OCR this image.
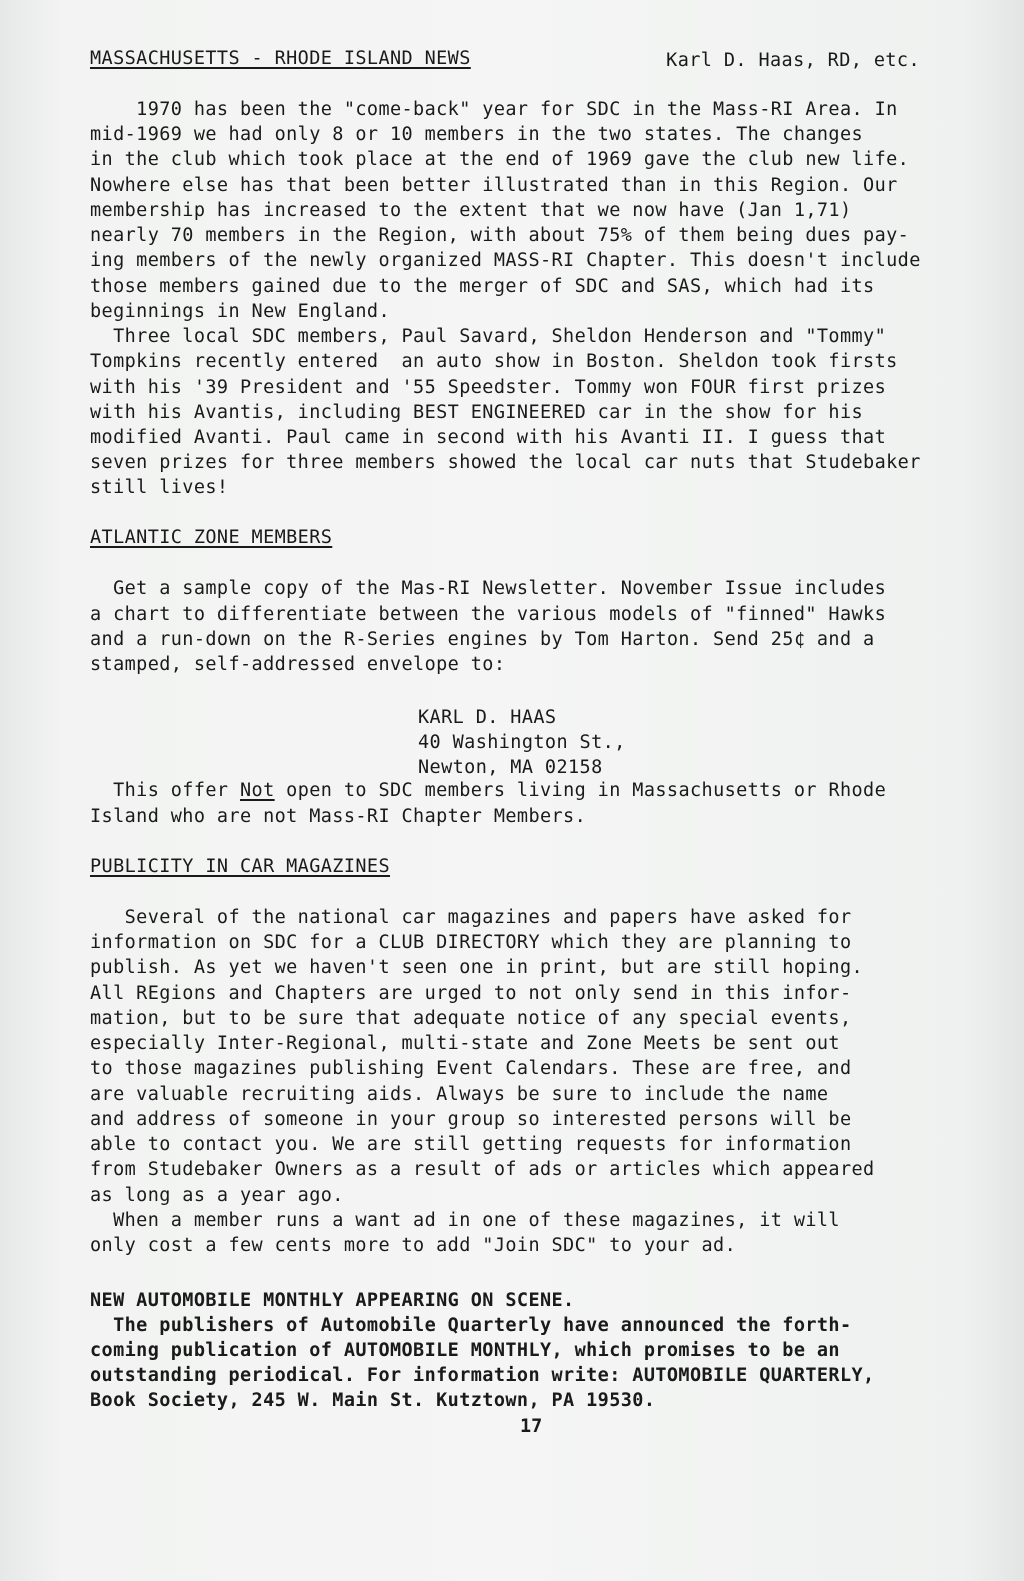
MASSACHUSETTS - RHODE ISLAND NEWS	Karl D. Haas, RD, etc.
1970 has been the "come-back" year for SDC in the Mass-RI Area. In
mid-1969 we had only 8 or 10 members in the two states. The changes
in the club which took place at the end of 1969 gave the club new life.
Nowhere else has that been better illustrated than in this Region. Our
membership has increased to the extent that we now have (Jan 1,71)
nearly 70 members in the Region, with about 75% of them being dues pay-
ing members of the newly organized MASS-RI Chapter. This doesn't include
those members gained due to the merger of SDC and SAS, which had its
beginnings in New England.
Three local SDC members, Paul Savard, Sheldon Henderson and "Tommy"
Tompkins recently entered  an auto show in Boston. Sheldon took firsts
with his '39 President and '55 Speedster. Tommy won FOUR first prizes
with his Avantis, including BEST ENGINEERED car in the show for his
modified Avanti. Paul came in second with his Avanti II. I guess that
seven prizes for three members showed the local car nuts that Studebaker
still lives!
ATLANTIC ZONE MEMBERS
Get a sample copy of the Mas-RI Newsletter. November Issue includes
a chart to differentiate between the various models of "finned" Hawks
and a run-down on the R-Series engines by Tom Harton. Send 25¢ and a
stamped, self-addressed envelope to:
KARL D. HAAS
40 Washington St.,
Newton, MA 02158
This offer Not open to SDC members living in Massachusetts or Rhode
Island who are not Mass-RI Chapter Members.
PUBLICITY IN CAR MAGAZINES
Several of the national car magazines and papers have asked for
information on SDC for a CLUB DIRECTORY which they are planning to
publish. As yet we haven't seen one in print, but are still hoping.
All REgions and Chapters are urged to not only send in this infor-
mation, but to be sure that adequate notice of any special events,
especially Inter-Regional, multi-state and Zone Meets be sent out
to those magazines publishing Event Calendars. These are free, and
are valuable recruiting aids. Always be sure to include the name
and address of someone in your group so interested persons will be
able to contact you. We are still getting requests for information
from Studebaker Owners as a result of ads or articles which appeared
as long as a year ago.
When a member runs a want ad in one of these magazines, it will
only cost a few cents more to add "Join SDC" to your ad.
NEW AUTOMOBILE MONTHLY APPEARING ON SCENE.
The publishers of Automobile Quarterly have announced the forth-
coming publication of AUTOMOBILE MONTHLY, which promises to be an
outstanding periodical. For information write: AUTOMOBILE QUARTERLY,
Book Society, 245 W. Main St. Kutztown, PA 19530.
17
